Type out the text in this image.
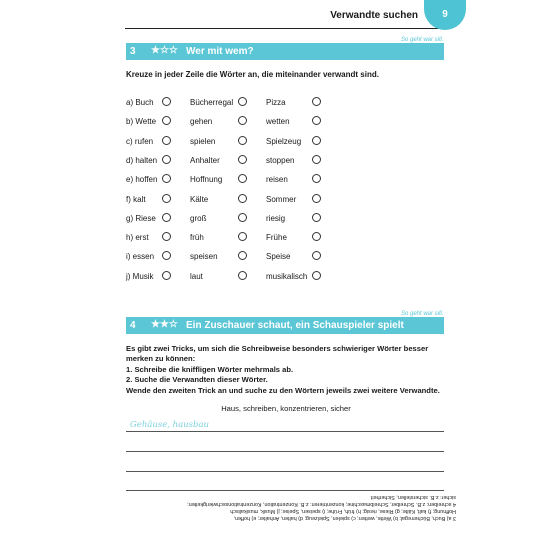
Verwandte suchen	9
So geht war sill.
3 ★☆☆ Wer mit wem?
Kreuze in jeder Zeile die Wörter an, die miteinander verwandt sind.
a) Buch	Bücherregal	Pizza
b) Wette	gehen	wetten
c) rufen	spielen	Spielzeug
d) halten	Anhalter	stoppen
e) hoffen	Hoffnung	reisen
f) kalt	Kälte	Sommer
g) Riese	groß	riesig
h) erst	früh	Frühe
i) essen	speisen	Speise
j) Musik	laut	musikalisch
So geht war sill.
4 ★★☆ Ein Zuschauer schaut, ein Schauspieler spielt
Es gibt zwei Tricks, um sich die Schreibweise besonders schwieriger Wörter besser merken zu können:
1. Schreibe die kniffligen Wörter mehrmals ab.
2. Suche die Verwandten dieser Wörter.
Wende den zweiten Trick an und suche zu den Wörtern jeweils zwei weitere Verwandte.
Haus, schreiben, konzentrieren, sicher
Gehäuse, hausbau
3 a) Buch, Bücherregal; b) Wette, wetten; c) spielen, Spielzeug; d) halten, Anhalter; e) hoffen,
Hoffnung; f) kalt, Kälte; g) Riese, riesig; h) früh, Frühe; i) speisen, Speise; j) Musik, musikalisch
4 schreiben: z.B. Schreiber, Schreibmaschine; konzentrieren: z.B. Konzentration, Konzentrationsschwierigkeiten;
sicher: z.B. sicherstellen, Sicherheit
